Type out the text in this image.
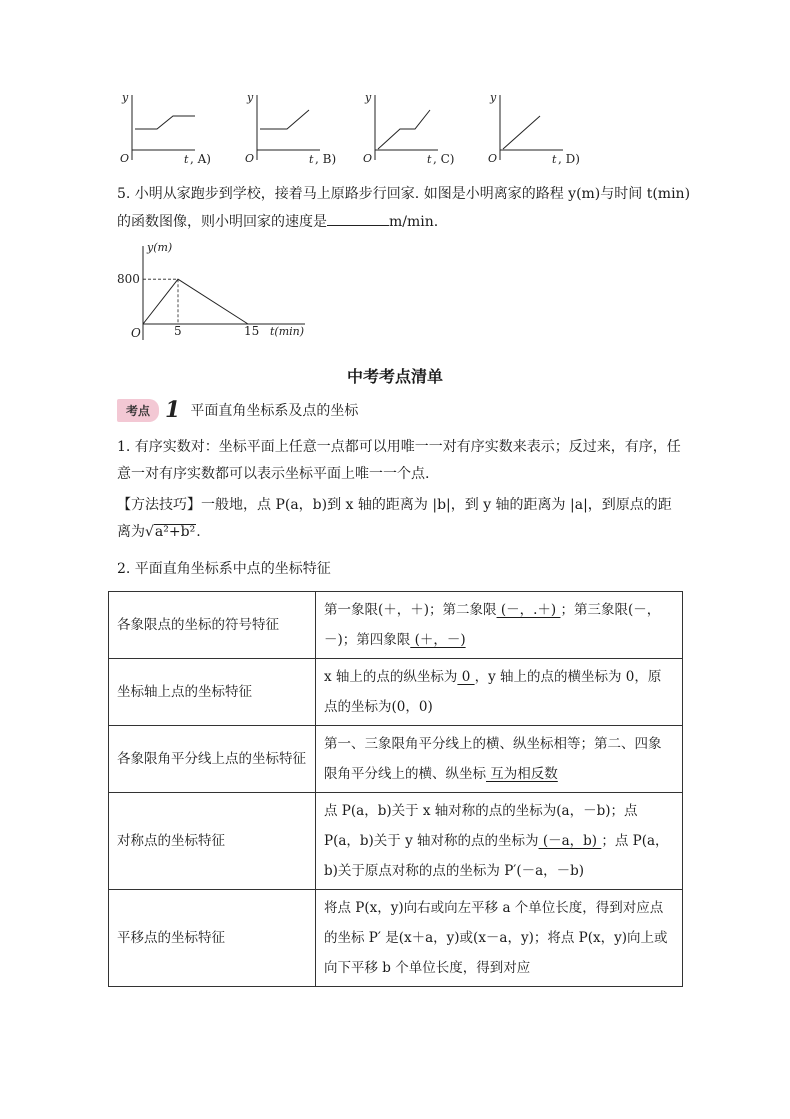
y
O	t , A)
y
O	t , B)
y
O	t , C)
y
O	t , D)
5. 小明从家跑步到学校，接着马上原路步行回家. 如图是小明离家的路程 y(m)与时间 t(min)的函数图像，则小明回家的速度是	m/min.
y(m)
t(min)
O	5	15
800
中考考点清单
考点 1 平面直角坐标系及点的坐标
1. 有序实数对：坐标平面上任意一点都可以用唯一一对有序实数来表示；反过来，有序，任意一对有序实数都可以表示坐标平面上唯一一个点.
【方法技巧】一般地，点 P(a，b)到 x 轴的距离为 |b|，到 y 轴的距离为 |a|，到原点的距离为√a²+b².
2. 平面直角坐标系中点的坐标特征
各象限点的坐标的符号特征	第一象限(＋，＋)；第二象限 (－，.＋) ；第三象限(－，－)；第四象限 (＋，－)
坐标轴上点的坐标特征	x 轴上的点的纵坐标为 0 ，y 轴上的点的横坐标为 0，原点的坐标为(0，0)
各象限角平分线上点的坐标特征	第一、三象限角平分线上的横、纵坐标相等；第二、四象限角平分线上的横、纵坐标 互为相反数
对称点的坐标特征	点 P(a，b)关于 x 轴对称的点的坐标为(a，－b)；点 P(a，b)关于 y 轴对称的点的坐标为 (－a，b) ；点 P(a，b)关于原点对称的点的坐标为 P′(－a，－b)
平移点的坐标特征	将点 P(x，y)向右或向左平移 a 个单位长度，得到对应点的坐标 P′ 是(x＋a，y)或(x－a，y)；将点 P(x，y)向上或向下平移 b 个单位长度，得到对应
